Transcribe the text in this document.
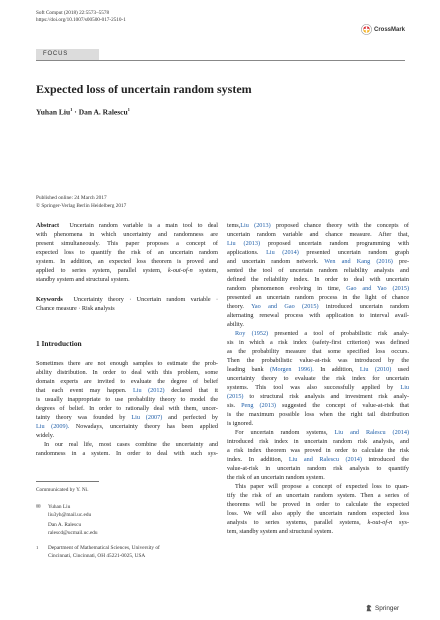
Soft Comput (2018) 22:5573–5578
https://doi.org/10.1007/s00500-017-2510-1
CrossMark
FOCUS
Expected loss of uncertain random system
Yuhan Liu$^1$ · Dan A. Ralescu$^1$
Published online: 24 March 2017
© Springer-Verlag Berlin Heidelberg 2017
Abstract Uncertain random variable is a main tool to deal
with phenomena in which uncertainty and randomness are
present simultaneously. This paper proposes a concept of
expected loss to quantify the risk of an uncertain random
system. In addition, an expected loss theorem is proved and
applied to series system, parallel system, k-out-of-n system,
standby system and structural system.
Keywords Uncertainty theory · Uncertain random variable ·
Chance measure · Risk analysis
1 Introduction
Sometimes there are not enough samples to estimate the prob-
ability distribution. In order to deal with this problem, some
domain experts are invited to evaluate the degree of belief
that each event may happen. Liu (2012) declared that it
is usually inappropriate to use probability theory to model the
degrees of belief. In order to rationally deal with them, uncer-
tainty theory was founded by Liu (2007) and perfected by
Liu (2009). Nowadays, uncertainty theory has been applied
widely.
In our real life, most cases combine the uncertainty and
randomness in a system. In order to deal with such sys-
tems,Liu (2013) proposed chance theory with the concepts of
uncertain random variable and chance measure. After that,
Liu (2013) proposed uncertain random programming with
applications. Liu (2014) presented uncertain random graph
and uncertain random network. Wen and Kang (2016) pre-
sented the tool of uncertain random reliability analysis and
defined the reliability index. In order to deal with uncertain
random phenomenon evolving in time, Gao and Yao (2015)
presented an uncertain random process in the light of chance
theory. Yao and Gao (2015) introduced uncertain random
alternating renewal process with application to interval avail-
ability.
Roy (1952) presented a tool of probabilistic risk analy-
sis in which a risk index (safety-first criterion) was defined
as the probability measure that some specified loss occurs.
Then the probabilistic value-at-risk was introduced by the
leading bank (Morgen 1996). In addition, Liu (2010) used
uncertainty theory to evaluate the risk index for uncertain
systems. This tool was also successfully applied by Liu
(2015) to structural risk analysis and investment risk analy-
sis. Peng (2013) suggested the concept of value-at-risk that
is the maximum possible loss when the right tail distribution
is ignored.
For uncertain random systems, Liu and Ralescu (2014)
introduced risk index in uncertain random risk analysis, and
a risk index theorem was proved in order to calculate the risk
index. In addition, Liu and Ralescu (2014) introduced the
value-at-risk in uncertain random risk analysis to quantify
the risk of an uncertain random system.
This paper will propose a concept of expected loss to quan-
tify the risk of an uncertain random system. Then a series of
theorems will be proved in order to calculate the expected
loss. We will also apply the uncertain random expected loss
analysis to series systems, parallel systems, k-out-of-n sys-
tem, standby system and structural system.
Communicated by Y. Ni.
✉ Yuhan Liu
liu3yh@mail.uc.edu
Dan A. Ralescu
ralescd@ucmail.uc.edu
1 Department of Mathematical Sciences, University of
Cincinnati, Cincinnati, OH 45221-0025, USA
Springer
